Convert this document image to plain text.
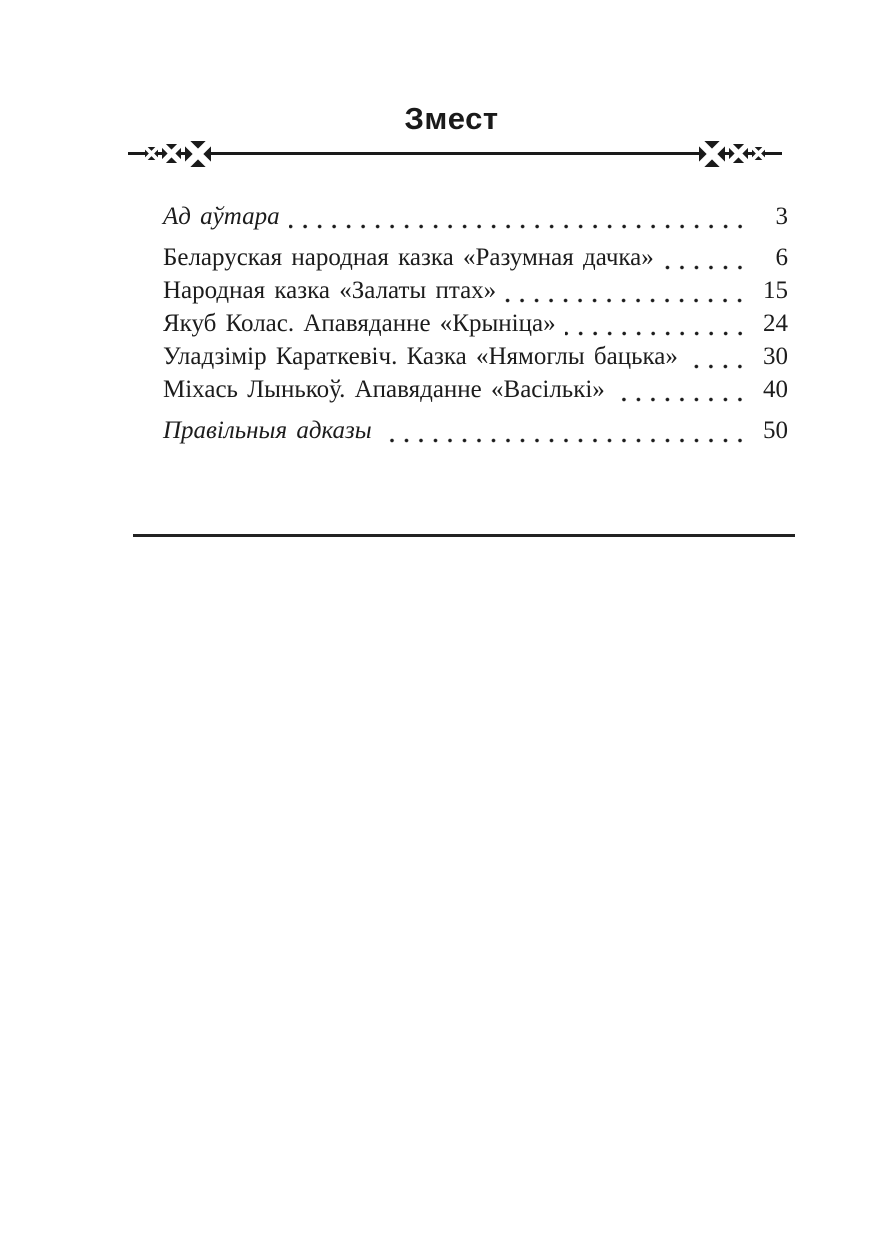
Змест
Ад аўтара	3
Беларуская народная казка «Разумная дачка»	6
Народная казка «Залаты птах»	15
Якуб Колас. Апавяданне «Крыніца»	24
Уладзімір Караткевіч. Казка «Нямоглы бацька»	30
Міхась Лынькоў. Апавяданне «Васількі»	40
Правільныя адказы	50
